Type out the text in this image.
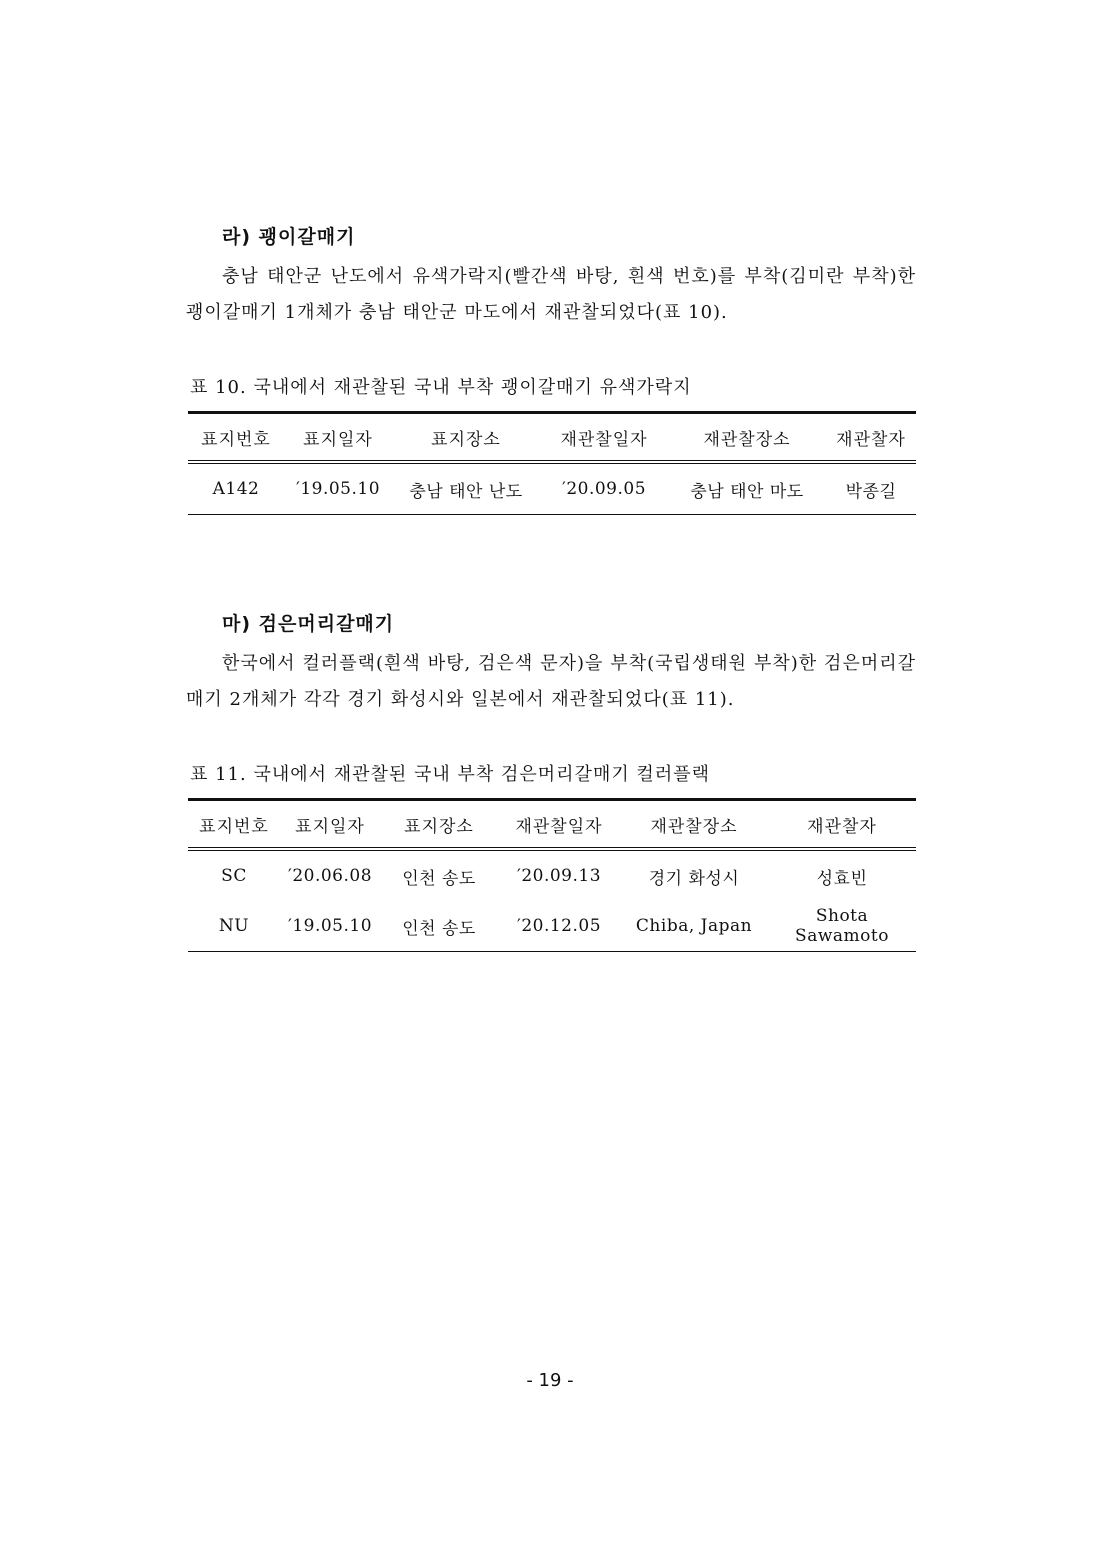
라) 괭이갈매기

충남 태안군 난도에서 유색가락지(빨간색 바탕, 흰색 번호)를 부착(김미란 부착)한 괭이갈매기 1개체가 충남 태안군 마도에서 재관찰되었다(표 10).

표 10. 국내에서 재관찰된 국내 부착 괭이갈매기 유색가락지
표지번호	표지일자	표지장소	재관찰일자	재관찰장소	재관찰자
A142	′19.05.10	충남 태안 난도	′20.09.05	충남 태안 마도	박종길
마) 검은머리갈매기

한국에서 컬러플랙(흰색 바탕, 검은색 문자)을 부착(국립생태원 부착)한 검은머리갈매기 2개체가 각각 경기 화성시와 일본에서 재관찰되었다(표 11).

표 11. 국내에서 재관찰된 국내 부착 검은머리갈매기 컬러플랙
표지번호	표지일자	표지장소	재관찰일자	재관찰장소	재관찰자
SC	′20.06.08	인천 송도	′20.09.13	경기 화성시	성효빈
NU	′19.05.10	인천 송도	′20.12.05	Chiba, Japan	Shota Sawamoto
- 19 -
